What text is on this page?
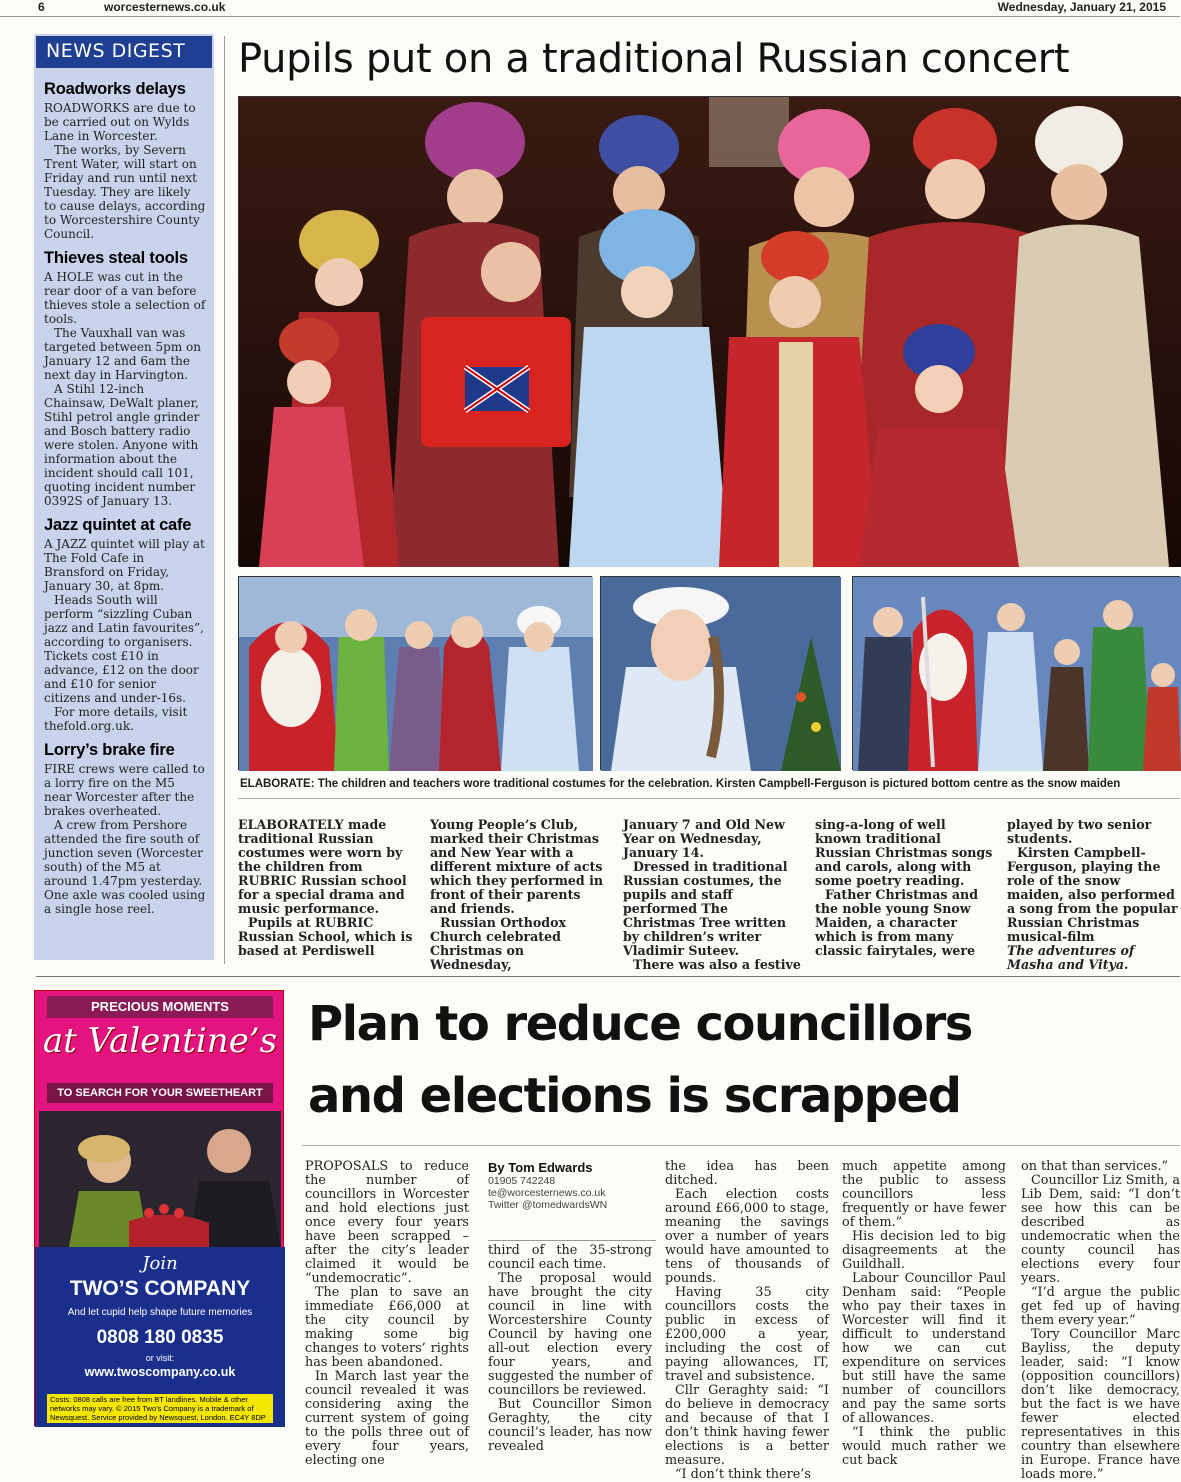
6	worcesternews.co.uk	Wednesday, January 21, 2015
NEWS DIGEST
Roadworks delays
ROADWORKS are due to be carried out on Wylds Lane in Worcester.
The works, by Severn Trent Water, will start on Friday and run until next Tuesday. They are likely to cause delays, according to Worcestershire County Council.
Thieves steal tools
A HOLE was cut in the rear door of a van before thieves stole a selection of tools.
The Vauxhall van was targeted between 5pm on January 12 and 6am the next day in Harvington.
A Stihl 12-inch Chainsaw, DeWalt planer, Stihl petrol angle grinder and Bosch battery radio were stolen. Anyone with information about the incident should call 101, quoting incident number 0392S of January 13.
Jazz quintet at cafe
A JAZZ quintet will play at The Fold Cafe in Bransford on Friday, January 30, at 8pm.
Heads South will perform “sizzling Cuban jazz and Latin favourites”, according to organisers. Tickets cost £10 in advance, £12 on the door and £10 for senior citizens and under-16s.
For more details, visit thefold.org.uk.
Lorry’s brake fire
FIRE crews were called to a lorry fire on the M5 near Worcester after the brakes overheated.
A crew from Pershore attended the fire south of junction seven (Worcester south) of the M5 at around 1.47pm yesterday. One axle was cooled using a single hose reel.
Pupils put on a traditional Russian concert
ELABORATE: The children and teachers wore traditional costumes for the celebration. Kirsten Campbell-Ferguson is pictured bottom centre as the snow maiden

ELABORATELY made traditional Russian costumes were worn by the children from RUBRIC Russian school for a special drama and music performance.

Pupils at RUBRIC Russian School, which is based at Perdiswell

Young People’s Club, marked their Christmas and New Year with a different mixture of acts which they performed in front of their parents and friends.

Russian Orthodox Church celebrated Christmas on Wednesday,

January 7 and Old New Year on Wednesday, January 14.

Dressed in traditional Russian costumes, the pupils and staff performed The Christmas Tree written by children’s writer Vladimir Suteev.

There was also a festive

sing-a-long of well known traditional Russian Christmas songs and carols, along with some poetry reading.

Father Christmas and the noble young Snow Maiden, a character which is from many classic fairytales, were

played by two senior students.

Kirsten Campbell-Ferguson, playing the role of the snow maiden, also performed a song from the popular Russian Christmas musical-film

The adventures of Masha and Vitya.

PRECIOUS MOMENTS
at Valentine’s
TO SEARCH FOR YOUR SWEETHEART
Join
TWO’S COMPANY
And let cupid help shape future memories
0808 180 0835
or visit:
www.twoscompany.co.uk
Costs: 0808 calls are free from BT landlines. Mobile & other networks may vary. © 2015 Two’s Company is a trademark of Newsquest. Service provided by Newsquest, London. EC4Y 8DP
Plan to reduce councillors
and elections is scrapped

PROPOSALS to reduce the number of councillors in Worcester and hold elections just once every four years have been scrapped – after the city’s leader claimed it would be “undemocratic”.

The plan to save an immediate £66,000 at the city council by making some big changes to voters’ rights has been abandoned.

In March last year the council revealed it was considering axing the current system of going to the polls three out of every four years, electing one

By Tom Edwards
01905 742248
te@worcesternews.co.uk
Twitter @tomedwardsWN

third of the 35-strong council each time.

The proposal would have brought the city council in line with Worcestershire County Council by having one all-out election every four years, and suggested the number of councillors be reviewed.

But Councillor Simon Geraghty, the city council’s leader, has now revealed

the idea has been ditched.

Each election costs around £66,000 to stage, meaning the savings over a number of years would have amounted to tens of thousands of pounds.

Having 35 city councillors costs the public in excess of £200,000 a year, including the cost of paying allowances, IT, travel and subsistence.

Cllr Geraghty said: “I do believe in democracy and because of that I don’t think having fewer elections is a better measure.

“I don’t think there’s

much appetite among the public to assess councillors less frequently or have fewer of them.”

His decision led to big disagreements at the Guildhall.

Labour Councillor Paul Denham said: “People who pay their taxes in Worcester will find it difficult to understand how we can cut expenditure on services but still have the same number of councillors and pay the same sorts of allowances.

“I think the public would much rather we cut back

on that than services.”

Councillor Liz Smith, a Lib Dem, said: “I don’t see how this can be described as undemocratic when the county council has elections every four years.

“I’d argue the public get fed up of having them every year.”

Tory Councillor Marc Bayliss, the deputy leader, said: “I know (opposition councillors) don’t like democracy, but the fact is we have fewer elected representatives in this country than elsewhere in Europe. France have loads more.”
